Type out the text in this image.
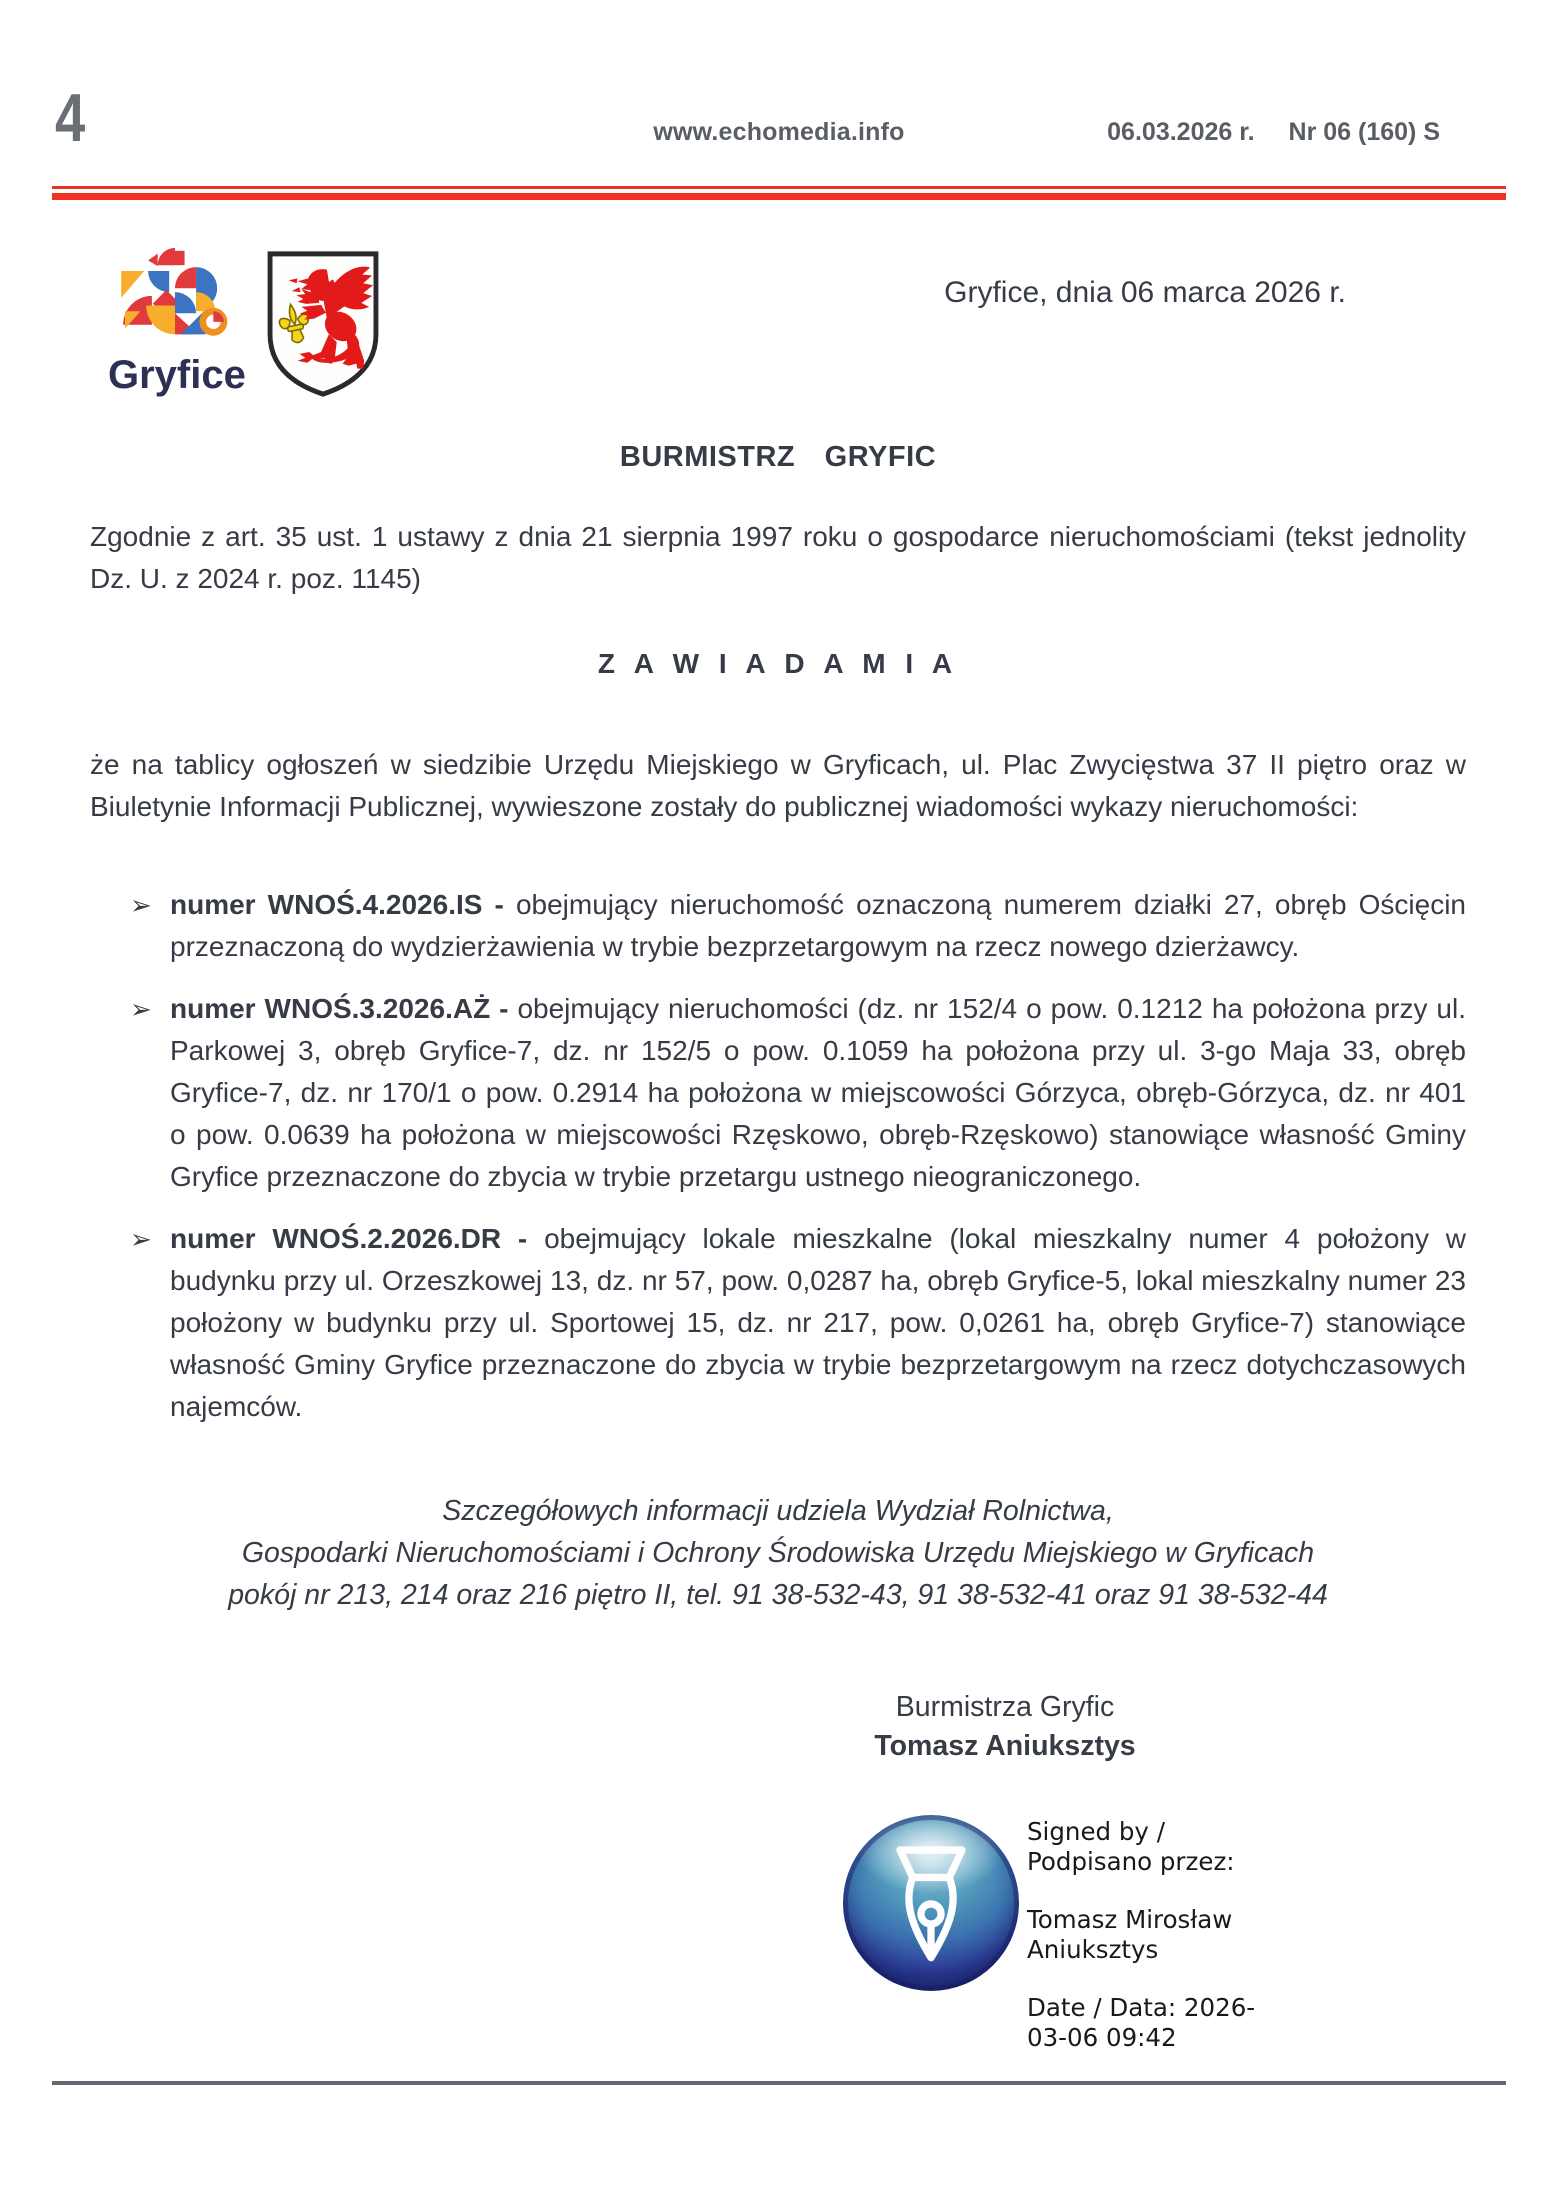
4	www.echomedia.info	06.03.2026 r. Nr 06 (160) S
Gryfice
Gryfice, dnia 06 marca 2026 r.
BURMISTRZ GRYFIC

Zgodnie z art. 35 ust. 1 ustawy z dnia 21 sierpnia 1997 roku o gospodarce nieruchomościami (tekst jednolity Dz. U. z 2024 r. poz. 1145)

Z A W I A D A M I A

że na tablicy ogłoszeń w siedzibie Urzędu Miejskiego w Gryficach, ul. Plac Zwycięstwa 37 II piętro oraz w Biuletynie Informacji Publicznej, wywieszone zostały do publicznej wiadomości wykazy nieruchomości:

➢ numer WNOŚ.4.2026.IS - obejmujący nieruchomość oznaczoną numerem działki 27, obręb Ościęcin przeznaczoną do wydzierżawienia w trybie bezprzetargowym na rzecz nowego dzierżawcy.
➢ numer WNOŚ.3.2026.AŻ - obejmujący nieruchomości (dz. nr 152/4 o pow. 0.1212 ha położona przy ul. Parkowej 3, obręb Gryfice-7, dz. nr 152/5 o pow. 0.1059 ha położona przy ul. 3-go Maja 33, obręb Gryfice-7, dz. nr 170/1 o pow. 0.2914 ha położona w miejscowości Górzyca, obręb-Górzyca, dz. nr 401 o pow. 0.0639 ha położona w miejscowości Rzęskowo, obręb-Rzęskowo) stanowiące własność Gminy Gryfice przeznaczone do zbycia w trybie przetargu ustnego nieograniczonego.
➢ numer WNOŚ.2.2026.DR - obejmujący lokale mieszkalne (lokal mieszkalny numer 4 położony w budynku przy ul. Orzeszkowej 13, dz. nr 57, pow. 0,0287 ha, obręb Gryfice-5, lokal mieszkalny numer 23 położony w budynku przy ul. Sportowej 15, dz. nr 217, pow. 0,0261 ha, obręb Gryfice-7) stanowiące własność Gminy Gryfice przeznaczone do zbycia w trybie bezprzetargowym na rzecz dotychczasowych najemców.
Szczegółowych informacji udziela Wydział Rolnictwa,
Gospodarki Nieruchomościami i Ochrony Środowiska Urzędu Miejskiego w Gryficach
pokój nr 213, 214 oraz 216 piętro II, tel. 91 38-532-43, 91 38-532-41 oraz 91 38-532-44
Burmistrza Gryfic
Tomasz Aniuksztys
Signed by /
Podpisano przez:
Tomasz Mirosław
Aniuksztys
Date / Data: 2026-
03-06 09:42
